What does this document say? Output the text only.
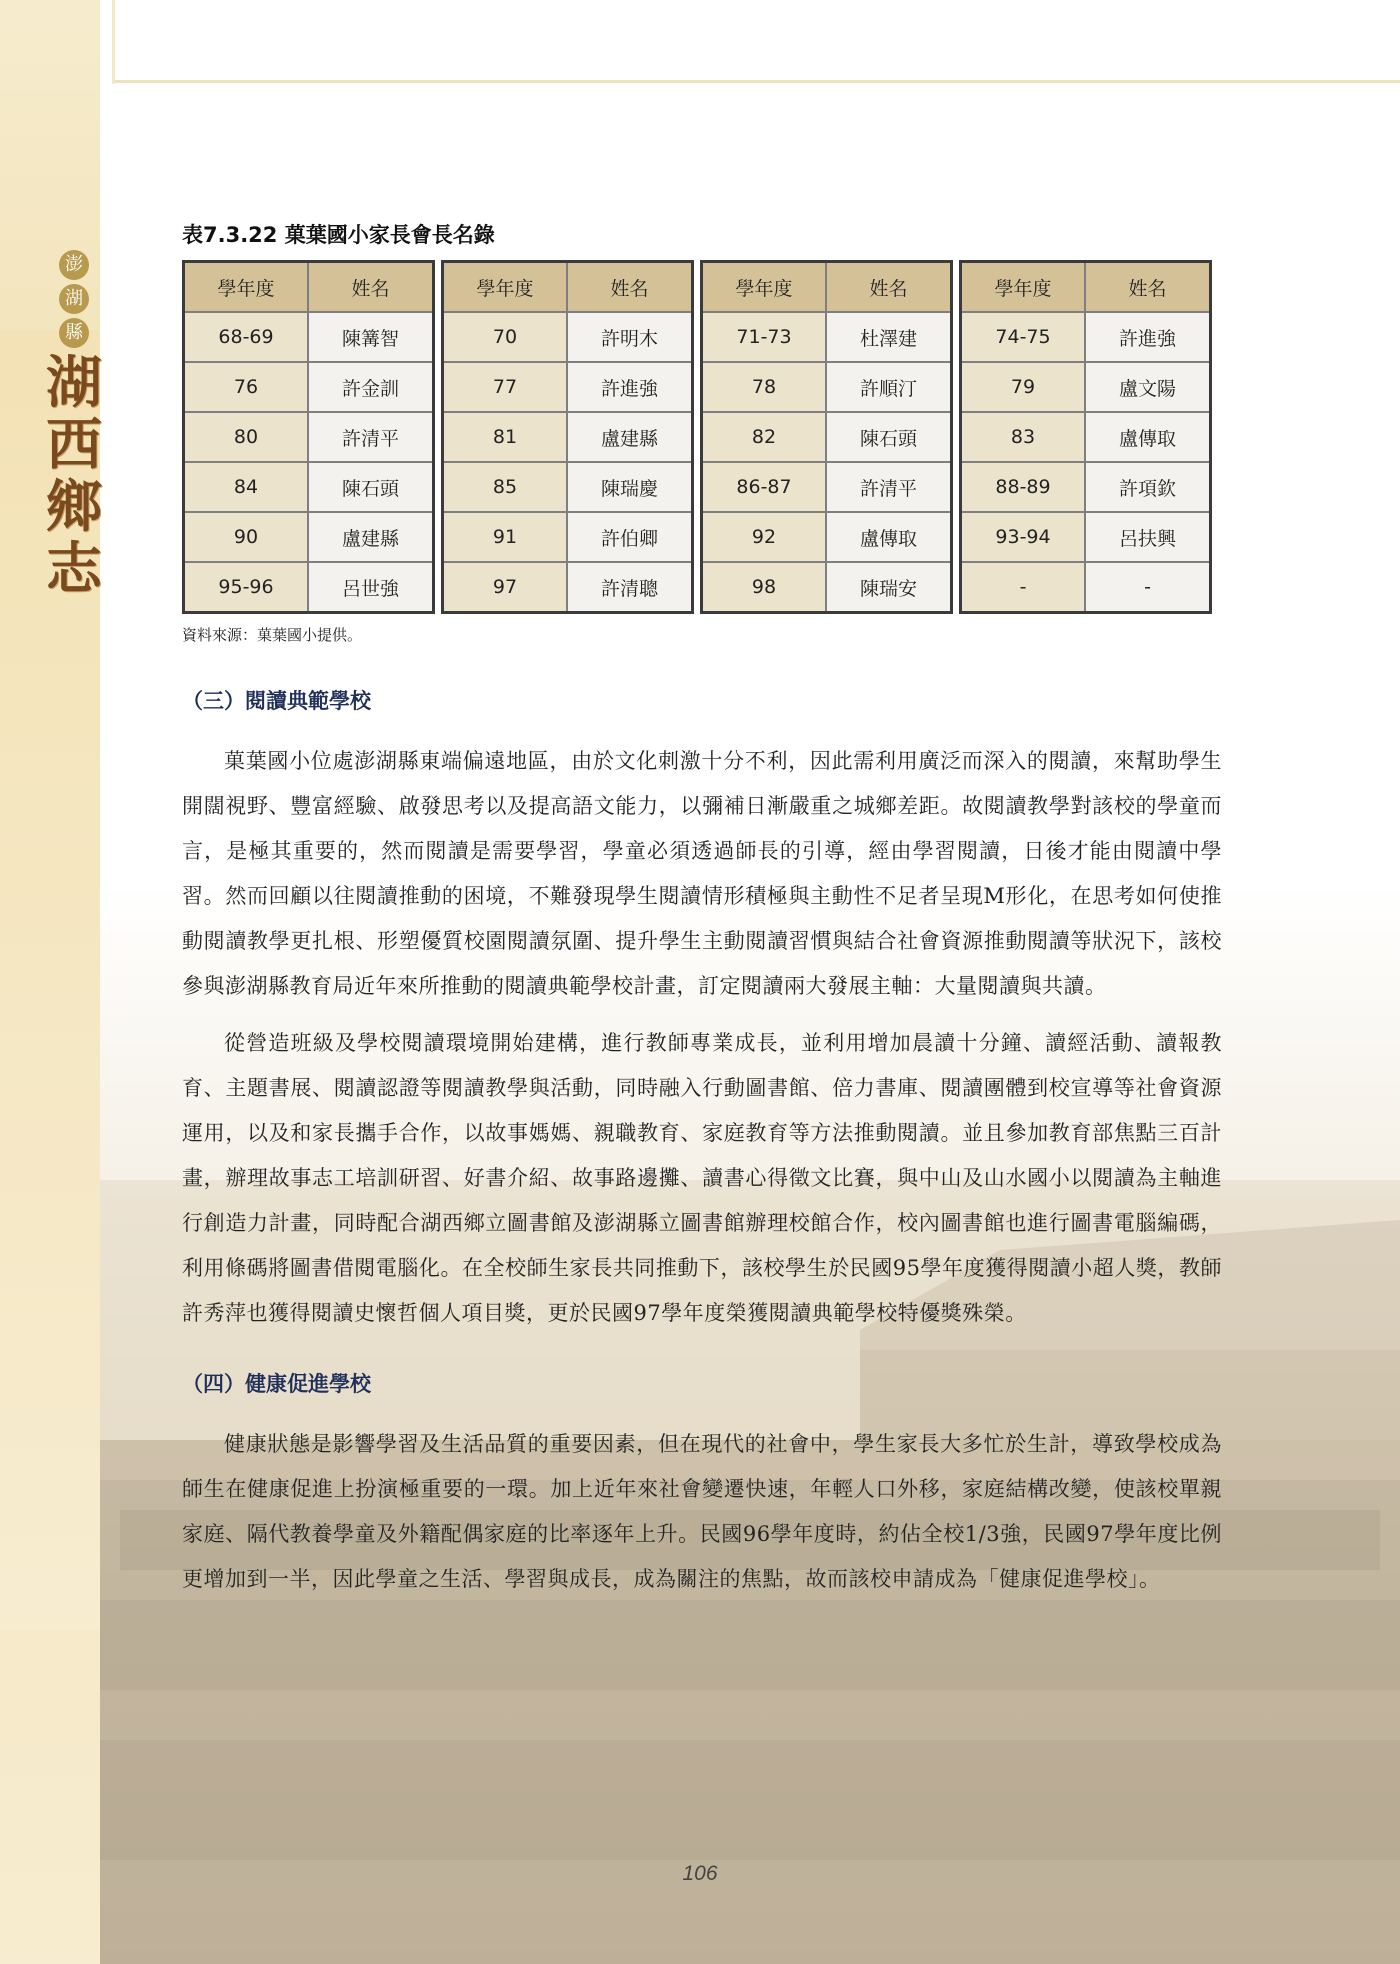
澎
湖
縣
湖
西
鄉
志
表7.3.22 菓葉國小家長會長名錄
學年度	姓名
68-69	陳篝智
76	許金訓
80	許清平
84	陳石頭
90	盧建縣
95-96	呂世強
學年度	姓名
70	許明木
77	許進強
81	盧建縣
85	陳瑞慶
91	許伯卿
97	許清聰
學年度	姓名
71-73	杜澤建
78	許順汀
82	陳石頭
86-87	許清平
92	盧傳取
98	陳瑞安
學年度	姓名
74-75	許進強
79	盧文陽
83	盧傳取
88-89	許項欽
93-94	呂扶興
-	-
資料來源：菓葉國小提供。
（三）閱讀典範學校

菓葉國小位處澎湖縣東端偏遠地區，由於文化刺激十分不利，因此需利用廣泛而深入的閱讀，來幫助學生開闊視野、豐富經驗、啟發思考以及提高語文能力，以彌補日漸嚴重之城鄉差距。故閱讀教學對該校的學童而言，是極其重要的，然而閱讀是需要學習，學童必須透過師長的引導，經由學習閱讀，日後才能由閱讀中學習。然而回顧以往閱讀推動的困境，不難發現學生閱讀情形積極與主動性不足者呈現M形化，在思考如何使推動閱讀教學更扎根、形塑優質校園閱讀氛圍、提升學生主動閱讀習慣與結合社會資源推動閱讀等狀況下，該校參與澎湖縣教育局近年來所推動的閱讀典範學校計畫，訂定閱讀兩大發展主軸：大量閱讀與共讀。

從營造班級及學校閱讀環境開始建構，進行教師專業成長，並利用增加晨讀十分鐘、讀經活動、讀報教育、主題書展、閱讀認證等閱讀教學與活動，同時融入行動圖書館、倍力書庫、閱讀團體到校宣導等社會資源運用，以及和家長攜手合作，以故事媽媽、親職教育、家庭教育等方法推動閱讀。並且參加教育部焦點三百計畫，辦理故事志工培訓研習、好書介紹、故事路邊攤、讀書心得徵文比賽，與中山及山水國小以閱讀為主軸進行創造力計畫，同時配合湖西鄉立圖書館及澎湖縣立圖書館辦理校館合作，校內圖書館也進行圖書電腦編碼，利用條碼將圖書借閱電腦化。在全校師生家長共同推動下，該校學生於民國95學年度獲得閱讀小超人獎，教師許秀萍也獲得閱讀史懷哲個人項目獎，更於民國97學年度榮獲閱讀典範學校特優獎殊榮。

（四）健康促進學校

健康狀態是影響學習及生活品質的重要因素，但在現代的社會中，學生家長大多忙於生計，導致學校成為師生在健康促進上扮演極重要的一環。加上近年來社會變遷快速，年輕人口外移，家庭結構改變，使該校單親家庭、隔代教養學童及外籍配偶家庭的比率逐年上升。民國96學年度時，約佔全校1/3強，民國97學年度比例更增加到一半，因此學童之生活、學習與成長，成為關注的焦點，故而該校申請成為「健康促進學校」。

106
